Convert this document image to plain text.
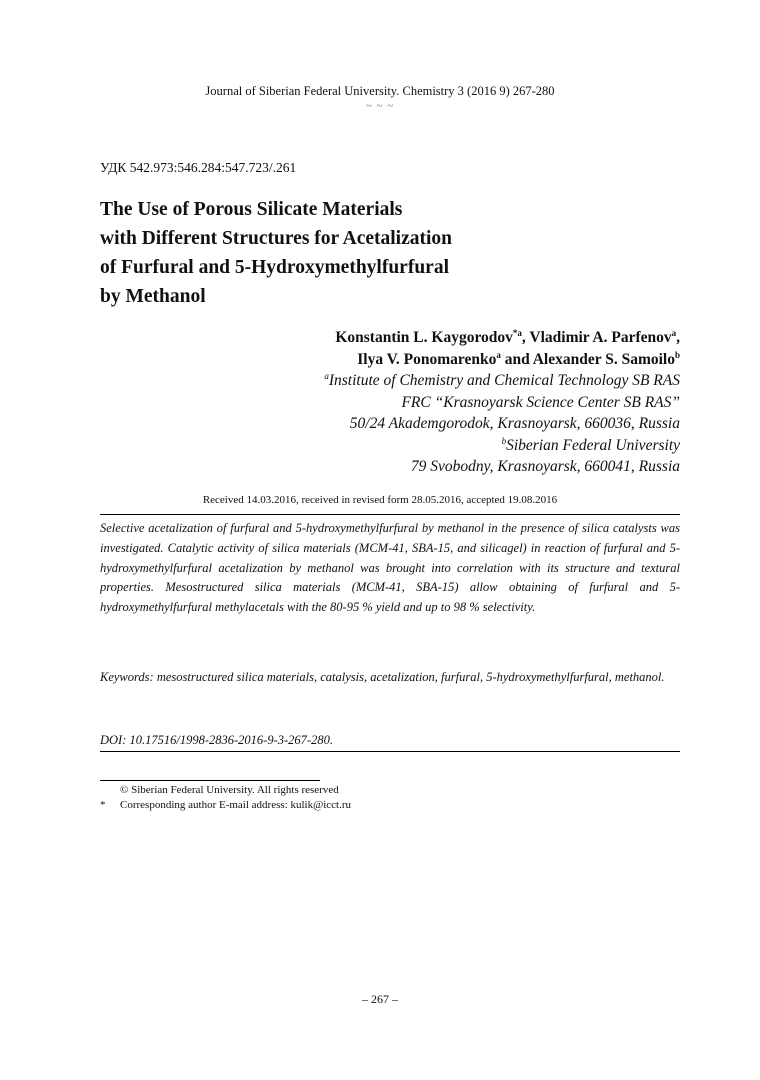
Journal of Siberian Federal University. Chemistry 3 (2016 9) 267-280
~ ~ ~
УДК 542.973:546.284:547.723/.261
The Use of Porous Silicate Materials
with Different Structures for Acetalization
of Furfural and 5-Hydroxymethylfurfural
by Methanol
Konstantin L. Kaygorodov$^{*a}$, Vladimir A. Parfenov$^a$,
Ilya V. Ponomarenko$^a$ and Alexander S. Samoilo$^b$
$^a$Institute of Chemistry and Chemical Technology SB RAS
FRC “Krasnoyarsk Science Center SB RAS”
50/24 Akademgorodok, Krasnoyarsk, 660036, Russia
$^b$Siberian Federal University
79 Svobodny, Krasnoyarsk, 660041, Russia
Received 14.03.2016, received in revised form 28.05.2016, accepted 19.08.2016

Selective acetalization of furfural and 5-hydroxymethylfurfural by methanol in the presence of silica catalysts was investigated. Catalytic activity of silica materials (MCM-41, SBA-15, and silicagel) in reaction of furfural and 5-hydroxymethylfurfural acetalization by methanol was brought into correlation with its structure and textural properties. Mesostructured silica materials (MCM-41, SBA-15) allow obtaining of furfural and 5-hydroxymethylfurfural methylacetals with the 80-95 % yield and up to 98 % selectivity.

Keywords: mesostructured silica materials, catalysis, acetalization, furfural, 5-hydroxymethylfurfural, methanol.

DOI: 10.17516/1998-2836-2016-9-3-267-280.
© Siberian Federal University. All rights reserved
* Corresponding author E-mail address: kulik@icct.ru
– 267 –
